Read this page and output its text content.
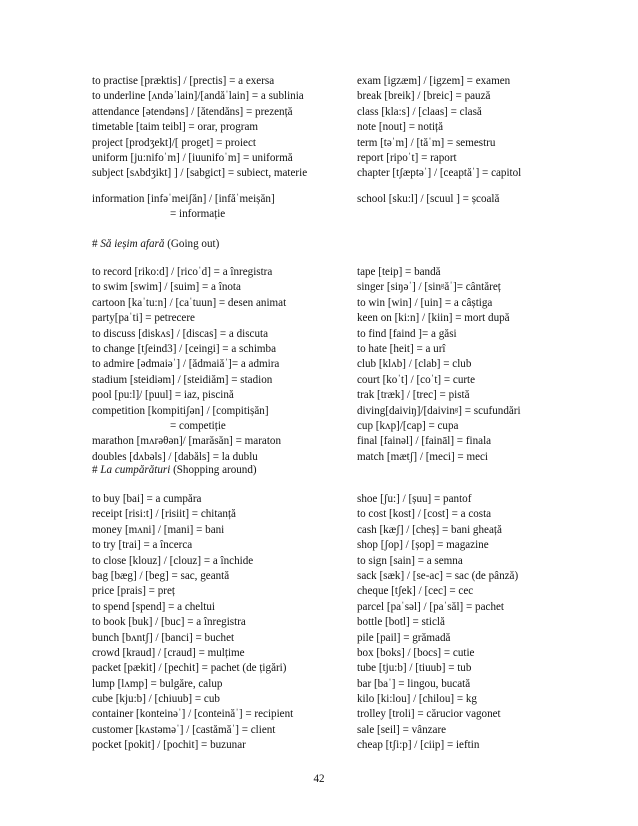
to practise [præktis] / [prectis] = a exersa	exam [igzæm] / [igzem] = examen
to underline [ʌndəˈlain]/[andăˈlain] = a sublinia	break [breik] / [breic] = pauză
attendance [ətendəns] / [ătendăns] = prezență	class [kla:s] / [claas] = clasă
timetable [taim teibl] = orar, program	note [nout] = notiță
project [prodʒekt]/[ proget] = proiect	term [təˈm] / [tăˈm] = semestru
uniform [ju:nifoˈm] / [iuunifoˈm] = uniformă	report [ripoˈt] = raport
subject [sʌbdʒikt] ] / [sabgict] = subiect, materie	chapter [tʃæptəˈ] / [ceaptăˈ] = capitol
information [infəˈmeiʃăn] / [infăˈmeișăn]	school [sku:l] / [scuul ] = școală
= informație
# Să ieșim afară (Going out)
to record [riko:d] / [ricoˈd] = a înregistra	tape [teip] = bandă
to swim [swim] / [suim] = a înota	singer [siŋəˈ] / [sinᵍăˈ]= cântăreț
cartoon [kaˈtu:n] / [caˈtuun] = desen animat	to win [win] / [uin] = a câștiga
party[paˈti] = petrecere	keen on [ki:n] / [kiin] = mort după
to discuss [diskʌs] / [discas] = a discuta	to find [faind ]= a găsi
to change [tʃeind3] / [ceingi] = a schimba	to hate [heit] = a urî
to admire [ədmaiəˈ] / [ădmaiăˈ]= a admira	club [klʌb] / [clab] = club
stadium [steidiəm] / [steidiăm] = stadion	court [koˈt] / [coˈt] = curte
pool [pu:l]/ [puul] = iaz, piscină	trak [træk] / [trec] = pistă
competition [kompitiʃən] / [compitișăn]	diving[daiviŋ]/[daivinᵍ] = scufundări
= competiție	cup [kʌp]/[cap] = cupa
marathon [mʌrəθən]/ [marăsăn] = maraton	final [fainəl] / [faināl] = finala
doubles [dʌbəls] / [dabăls] = la dublu	match [mætʃ] / [meci] = meci
# La cumpărături (Shopping around)
to buy [bai] = a cumpăra	shoe [ʃu:] / [șuu] = pantof
receipt [risi:t] / [risiit] = chitanță	to cost [kost] / [cost] = a costa
money [mʌni] / [mani] = bani	cash [kæʃ] / [cheș] = bani gheață
to try [trai] = a încerca	shop [ʃop] / [șop] = magazine
to close [klouz] / [clouz] = a închide	to sign [sain] = a semna
bag [bæg] / [beg] = sac, geantă	sack [sæk] / [se-ac] = sac (de pânză)
price [prais] = preț	cheque [tʃek] / [cec] = cec
to spend [spend] = a cheltui	parcel [paˈsəl] / [paˈsăl] = pachet
to book [buk] / [buc] = a înregistra	bottle [botl] = sticlă
bunch [bʌntʃ] / [banci] = buchet	pile [pail] = grămadă
crowd [kraud] / [craud] = mulțime	box [boks] / [bocs] = cutie
packet [pækit] / [pechit] = pachet (de țigări)	tube [tju:b] / [tiuub] = tub
lump [lʌmp] = bulgăre, calup	bar [baˈ] = lingou, bucată
cube [kju:b] / [chiuub] = cub	kilo [ki:lou] / [chilou] = kg
container [konteinəˈ] / [conteinăˈ] = recipient	trolley [troli] = cărucior vagonet
customer [kʌstəməˈ] / [castămăˈ] = client	sale [seil] = vânzare
pocket [pokit] / [pochit] = buzunar	cheap [tʃi:p] / [ciip] = ieftin
42
